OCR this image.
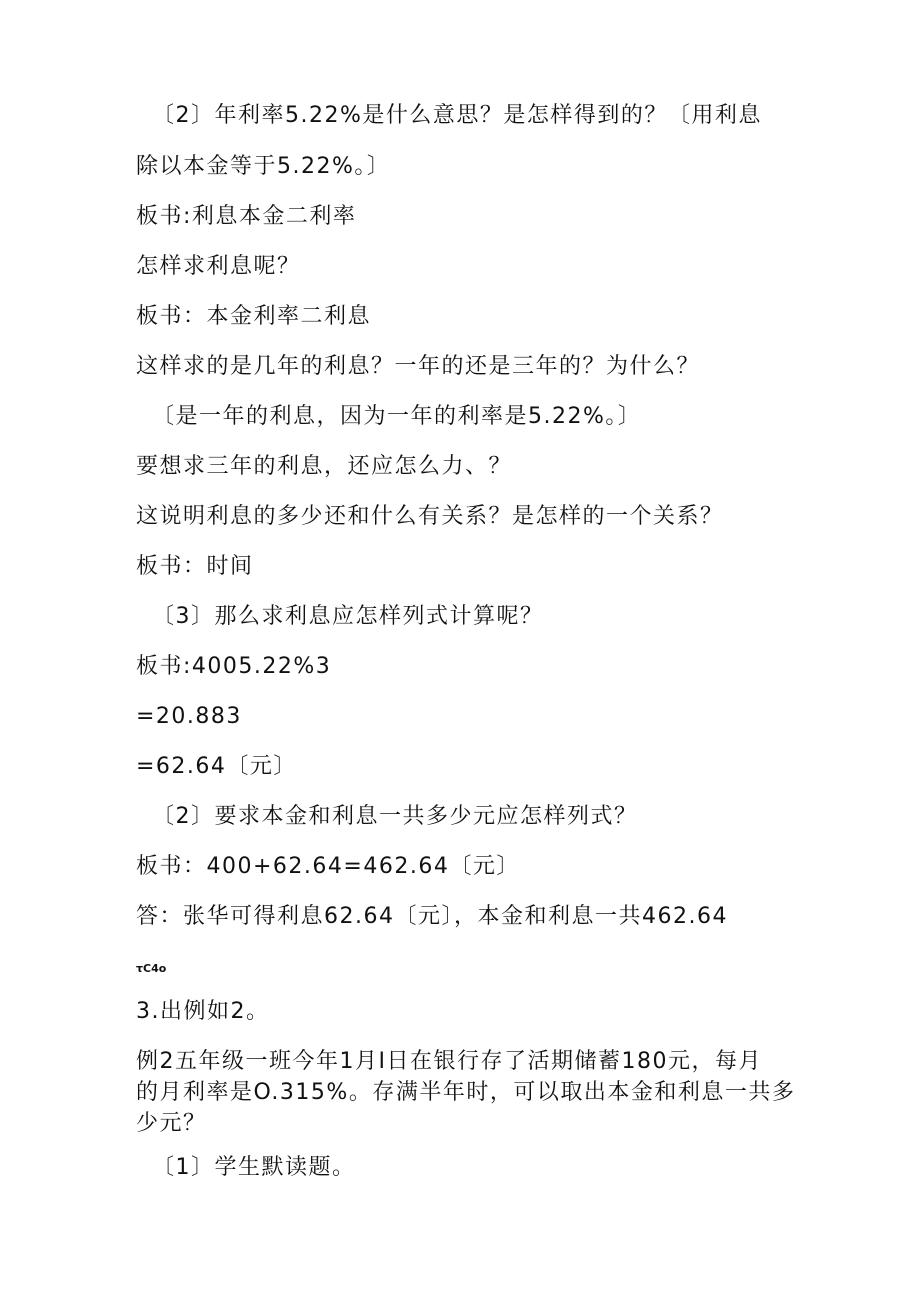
〔2〕年利率5.22%是什么意思？是怎样得到的？〔用利息
除以本金等于5.22%。〕
板书:利息本金二利率
怎样求利息呢？
板书：本金利率二利息
这样求的是几年的利息？一年的还是三年的？为什么？
〔是一年的利息，因为一年的利率是5.22%。〕
要想求三年的利息，还应怎么力、？
这说明利息的多少还和什么有关系？是怎样的一个关系？
板书：时间
〔3〕那么求利息应怎样列式计算呢？
板书:4005.22%3
=20.883
=62.64〔元〕
〔2〕要求本金和利息一共多少元应怎样列式？
板书：400+62.64=462.64〔元〕
答：张华可得利息62.64〔元〕，本金和利息一共462.64
τC4o
3.出例如2。
例2五年级一班今年1月I日在银行存了活期储蓄180元，每月
的月利率是O.315%。存满半年时，可以取出本金和利息一共多
少元？
〔1〕学生默读题。
